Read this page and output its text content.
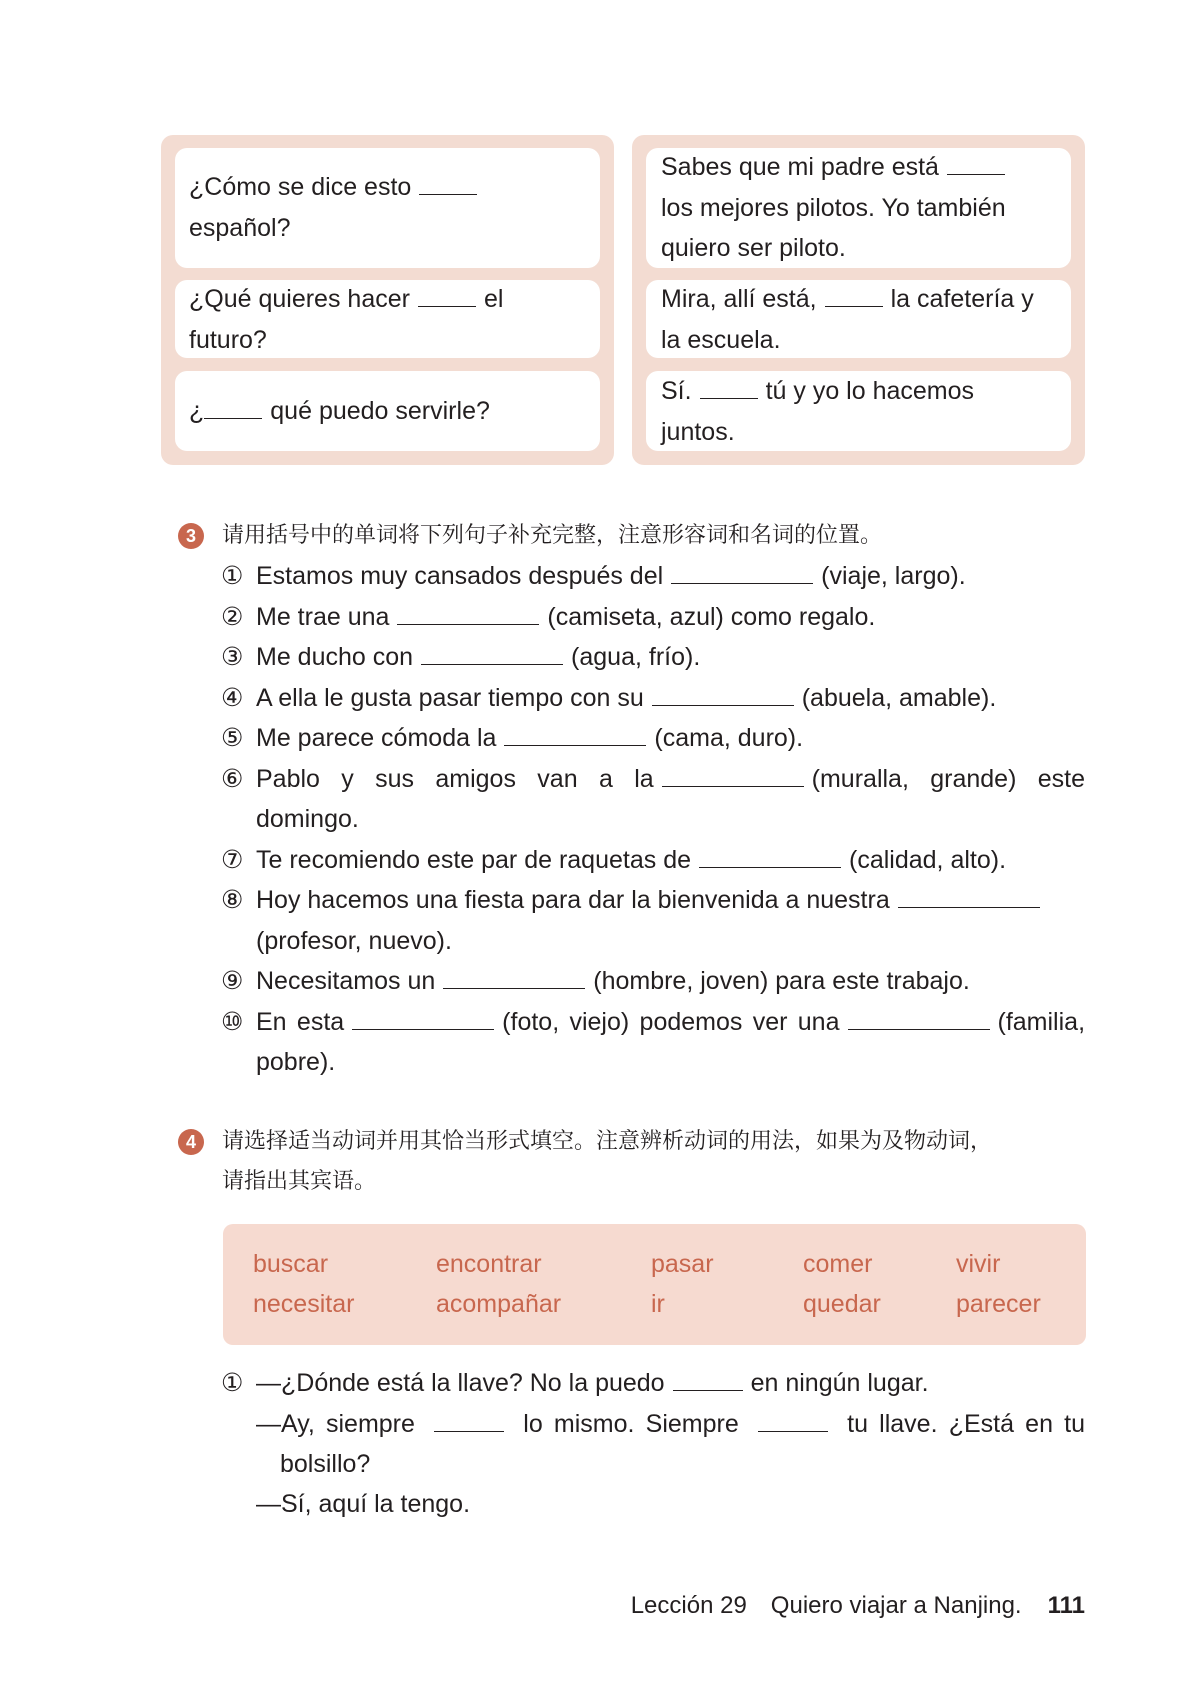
¿Cómo se dice esto
español?
¿Qué quieres hacer	el
futuro?
¿	qué puedo servirle?
Sabes que mi padre está
los mejores pilotos. Yo también
quiero ser piloto.
Mira, allí está,	la cafetería y
la escuela.
Sí.	tú y yo lo hacemos
juntos.
3	请用括号中的单词将下列句子补充完整，注意形容词和名词的位置。
4	请选择适当动词并用其恰当形式填空。注意辨析动词的用法，如果为及物动词，
请指出其宾语。
buscar	encontrar	pasar	comer	vivir
necesitar	acompañar	ir	quedar	parecer
① —¿Dónde está la llave? No la puedo	en ningún lugar.
—Ay, siempre	lo mismo. Siempre	tu llave. ¿Está en tu
bolsillo?
—Sí, aquí la tengo.
Lección 29 Quiero viajar a Nanjing. 111
① Estamos muy cansados después del	(viaje, largo).
② Me trae una	(camiseta, azul) como regalo.
③ Me ducho con	(agua, frío).
④ A ella le gusta pasar tiempo con su	(abuela, amable).
⑤ Me parece cómoda la	(cama, duro).
⑥ Pablo y sus amigos van a la	(muralla, grande) este
domingo.
⑦ Te recomiendo este par de raquetas de	(calidad, alto).
⑧ Hoy hacemos una fiesta para dar la bienvenida a nuestra
(profesor, nuevo).
⑨ Necesitamos un	(hombre, joven) para este trabajo.
⑩ En esta	(foto, viejo) podemos ver una	(familia,
pobre).
